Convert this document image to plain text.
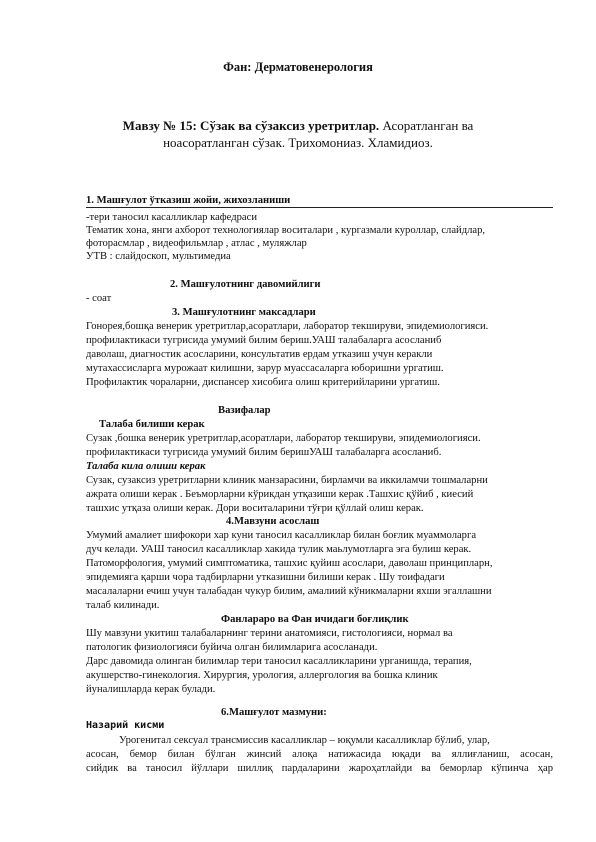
Фан: Дерматовенерология
Мавзу № 15: Сўзак ва сўзаксиз уретритлар. Асоратланган ва
ноасоратланган сўзак. Трихомониаз. Хламидиоз.
1. Машғулот ўтказиш жойи, жихозланиши
-тери таносил касалликлар кафедраси
Тематик хона, янги ахборот технологиялар воситалари , кургазмали куроллар, слайдлар,
фоторасмлар , видеофильмлар , атлас , муляжлар
УТВ : слайдоскоп, мультимедиа
2. Машғулотнинг давомийлиги
- соат
3. Машғулотнинг максадлари
Гонорея,бошқа венерик уретритлар,асоратлари, лаборатор текшируви, эпидемиологияси.
профилактикаси тугрисида умумий билим бериш.УАШ талабаларга асосланиб
даволаш, диагностик асосларини, консультатив ердам утказиш учун керакли
мутахассисларга мурожаат килишни, зарур муассасаларга юборишни ургатиш.
Профилактик чораларни, диспансер хисобига олиш критерийларини ургатиш.
Вазифалар
Талаба билиши керак
Сузак ,бошка венерик уретритлар,асоратлари, лаборатор текшируви, эпидемиологияси.
профилактикаси тугрисида умумий билим беришУАШ талабаларга асосланиб.
Талаба кила олиши керак
Сузак, сузаксиз уретритларни клиник манзарасини, бирламчи ва иккиламчи тошмаларни
ажрата олиши керак . Беъморларни кўрикдан утқазиши керак .Ташхис қўйиб , киесий
ташхис утқаза олиши керак. Дори воситаларини тўғри қўллай олиш керак.
4.Мавзуни асослаш
Умумий амалиет шифокори хар куни таносил касалликлар билан боғлик муаммоларга
дуч келади. УАШ таносил касалликлар хакида тулик маьлумотларга эга булиш керак.
Патоморфология, умумий симптоматика, ташхис қуйиш асослари, даволаш принципларн,
эпидемияга қарши чора тадбирларни утказишни билиши керак . Шу тоифадаги
масалаларни ечиш учун талабадан чукур билим, амалиий кўникмаларни яхши эгаллашни
талаб килинади.
Фанлараро ва Фан ичидаги боғлиқлик
Шу мавзуни укитиш талабаларнинг терини анатомияси, гистологияси, нормал ва
патологик физиологияси буйича олган билимларига асосланади.
Дарс давомида олинган билимлар тери таносил касалликларини урганишда, терапия,
акушерство-гинекология. Хирургия, урология, аллергология ва бошка клиник
йуналишларда керак булади.
6.Машғулот мазмуни:
Назарий кисми
Урогенитал сексуал трансмиссив касалликлар – юқумли касалликлар бўлиб, улар,
асосан, бемор билан бўлган жинсий алоқа натижасида юқади ва яллиғланиш, асосан,
сийдик ва таносил йўллари шиллиқ пардаларини жароҳатлайди ва беморлар кўпинча ҳар
